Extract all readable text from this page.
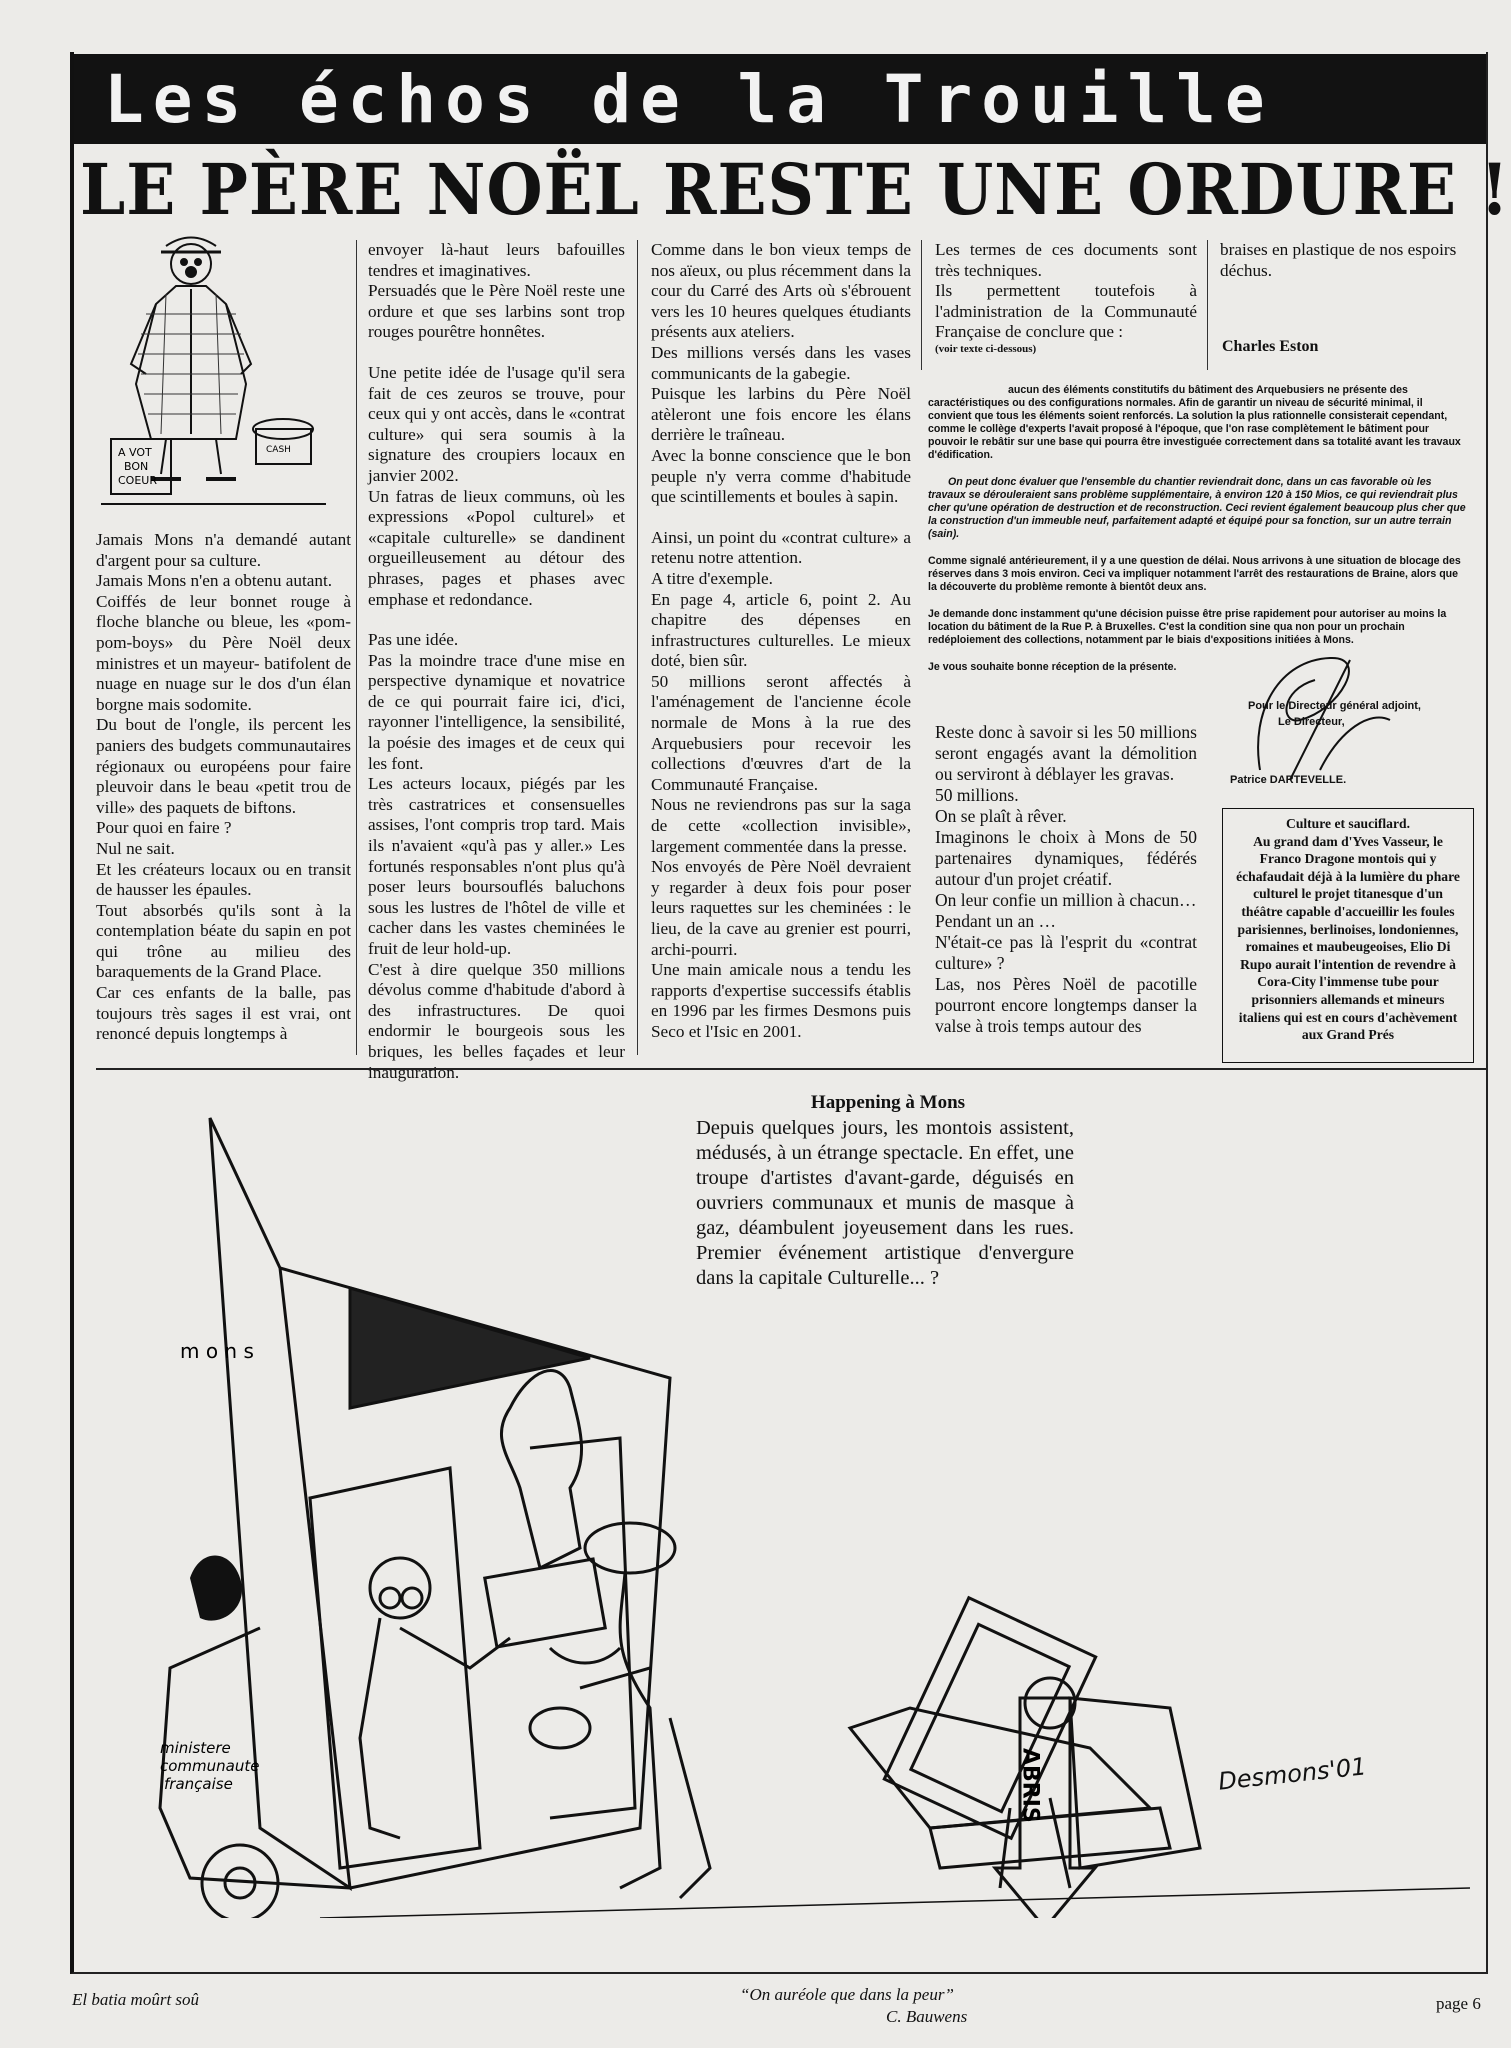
Les échos de la Trouille
LE PÈRE NOËL RESTE UNE ORDURE !
A VOT
BON
COEUR
CASH

Jamais Mons n'a demandé autant d'argent pour sa culture.

Jamais Mons n'en a obtenu autant.

Coiffés de leur bonnet rouge à floche blanche ou bleue, les «pom-pom-boys» du Père Noël deux ministres et un mayeur- batifolent de nuage en nuage sur le dos d'un élan borgne mais sodomite.

Du bout de l'ongle, ils percent les paniers des budgets communautaires régionaux ou européens pour faire pleuvoir dans le beau «petit trou de ville» des paquets de biftons.

Pour quoi en faire ?

Nul ne sait.

Et les créateurs locaux ou en transit de hausser les épaules.

Tout absorbés qu'ils sont à la contemplation béate du sapin en pot qui trône au milieu des baraquements de la Grand Place.

Car ces enfants de la balle, pas toujours très sages il est vrai, ont renoncé depuis longtemps à

envoyer là-haut leurs bafouilles tendres et imaginatives.

Persuadés que le Père Noël reste une ordure et que ses larbins sont trop rouges pourêtre honnêtes.

Une petite idée de l'usage qu'il sera fait de ces zeuros se trouve, pour ceux qui y ont accès, dans le «contrat culture» qui sera soumis à la signature des croupiers locaux en janvier 2002.

Un fatras de lieux communs, où les expressions «Popol culturel» et «capitale culturelle» se dandinent orgueilleusement au détour des phrases, pages et phases avec emphase et redondance.

Pas une idée.

Pas la moindre trace d'une mise en perspective dynamique et novatrice de ce qui pourrait faire ici, d'ici, rayonner l'intelligence, la sensibilité, la poésie des images et de ceux qui les font.

Les acteurs locaux, piégés par les très castratrices et consensuelles assises, l'ont compris trop tard. Mais ils n'avaient «qu'à pas y aller.» Les fortunés responsables n'ont plus qu'à poser leurs boursouflés baluchons sous les lustres de l'hôtel de ville et cacher dans les vastes cheminées le fruit de leur hold-up.

C'est à dire quelque 350 millions dévolus comme d'habitude d'abord à des infrastructures. De quoi endormir le bourgeois sous les briques, les belles façades et leur inauguration.

Comme dans le bon vieux temps de nos aïeux, ou plus récemment dans la cour du Carré des Arts où s'ébrouent vers les 10 heures quelques étudiants présents aux ateliers.

Des millions versés dans les vases communicants de la gabegie.

Puisque les larbins du Père Noël atèleront une fois encore les élans derrière le traîneau.

Avec la bonne conscience que le bon peuple n'y verra comme d'habitude que scintillements et boules à sapin.

Ainsi, un point du «contrat culture» a retenu notre attention.

A titre d'exemple.

En page 4, article 6, point 2. Au chapitre des dépenses en infrastructures culturelles. Le mieux doté, bien sûr.

50 millions seront affectés à l'aménagement de l'ancienne école normale de Mons à la rue des Arquebusiers pour recevoir les collections d'œuvres d'art de la Communauté Française.

Nous ne reviendrons pas sur la saga de cette «collection invisible», largement commentée dans la presse.

Nos envoyés de Père Noël devraient y regarder à deux fois pour poser leurs raquettes sur les cheminées : le lieu, de la cave au grenier est pourri, archi-pourri.

Une main amicale nous a tendu les rapports d'expertise successifs établis en 1996 par les firmes Desmons puis Seco et l'Isic en 2001.

Les termes de ces documents sont très techniques.

Ils permettent toutefois à l'administration de la Communauté Française de conclure que :

(voir texte ci-dessous)

braises en plastique de nos espoirs déchus.

Charles Eston

aucun des éléments constitutifs du bâtiment des Arquebusiers ne présente des caractéristiques ou des configurations normales. Afin de garantir un niveau de sécurité minimal, il convient que tous les éléments soient renforcés. La solution la plus rationnelle consisterait cependant, comme le collège d'experts l'avait proposé à l'époque, que l'on rase complètement le bâtiment pour pouvoir le rebâtir sur une base qui pourra être investiguée correctement dans sa totalité avant les travaux d'édification.

On peut donc évaluer que l'ensemble du chantier reviendrait donc, dans un cas favorable où les travaux se dérouleraient sans problème supplémentaire, à environ 120 à 150 Mios, ce qui reviendrait plus cher qu'une opération de destruction et de reconstruction. Ceci revient également beaucoup plus cher que la construction d'un immeuble neuf, parfaitement adapté et équipé pour sa fonction, sur un autre terrain (sain).

Comme signalé antérieurement, il y a une question de délai. Nous arrivons à une situation de blocage des réserves dans 3 mois environ. Ceci va impliquer notamment l'arrêt des restaurations de Braine, alors que la découverte du problème remonte à bientôt deux ans.

Je demande donc instamment qu'une décision puisse être prise rapidement pour autoriser au moins la location du bâtiment de la Rue P. à Bruxelles. C'est la condition sine qua non pour un prochain redéploiement des collections, notamment par le biais d'expositions initiées à Mons.

Je vous souhaite bonne réception de la présente.

Pour le Directeur général adjoint,
Le Directeur,
Patrice DARTEVELLE.

Reste donc à savoir si les 50 millions seront engagés avant la démolition ou serviront à déblayer les gravas.

50 millions.

On se plaît à rêver.

Imaginons le choix à Mons de 50 partenaires dynamiques, fédérés autour d'un projet créatif.

On leur confie un million à chacun…

Pendant un an …

N'était-ce pas là l'esprit du «contrat culture» ?

Las, nos Pères Noël de pacotille pourront encore longtemps danser la valse à trois temps autour des

Culture et sauciflard.

Au grand dam d'Yves Vasseur, le Franco Dragone montois qui y échafaudait déjà à la lumière du phare culturel le projet titanesque d'un théâtre capable d'accueillir les foules parisiennes, berlinoises, londoniennes, romaines et maubeugeoises, Elio Di Rupo aurait l'intention de revendre à Cora-City l'immense tube pour prisonniers allemands et mineurs italiens qui est en cours d'achèvement aux Grand Prés

ABRIS
ministere
communaute
française
m o n s
Happening à Mons
Depuis quelques jours, les montois assistent, médusés, à un étrange spectacle. En effet, une troupe d'artistes d'avant-garde, déguisés en ouvriers communaux et munis de masque à gaz, déambulent joyeusement dans les rues. Premier événement artistique d'envergure dans la capitale Culturelle... ?
Desmons'01
El batia moûrt soû	“On auréole que dans la peur”
C. Bauwens
page 6
